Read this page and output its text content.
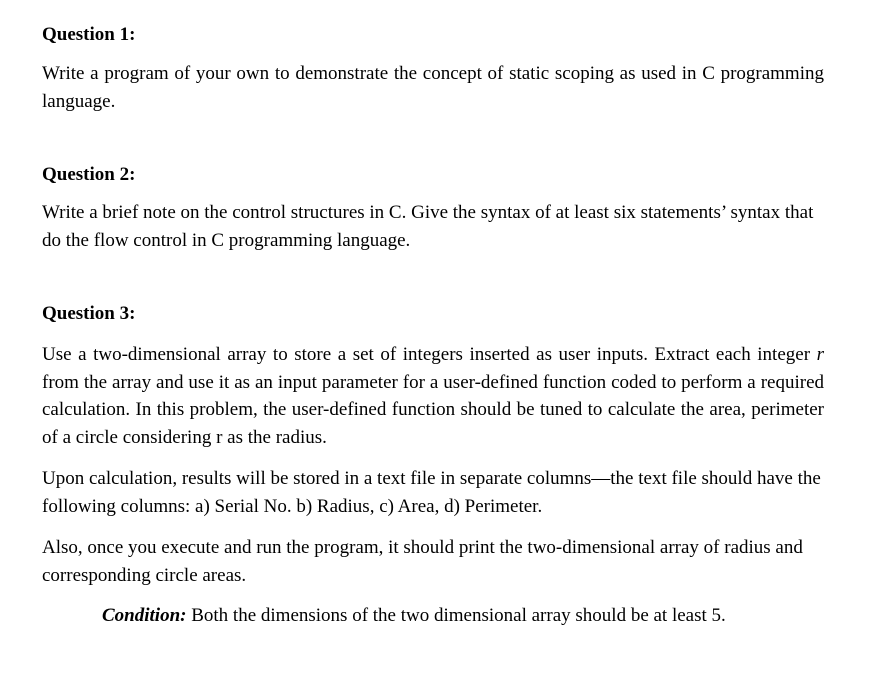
Question 1:
Write a program of your own to demonstrate the concept of static scoping as used in C programming language.
Question 2:
Write a brief note on the control structures in C. Give the syntax of at least six statements’ syntax that do the flow control in C programming language.
Question 3:
Use a two-dimensional array to store a set of integers inserted as user inputs. Extract each integer r from the array and use it as an input parameter for a user-defined function coded to perform a required calculation. In this problem, the user-defined function should be tuned to calculate the area, perimeter of a circle considering r as the radius.
Upon calculation, results will be stored in a text file in separate columns—the text file should have the following columns: a) Serial No. b) Radius, c) Area, d) Perimeter.
Also, once you execute and run the program, it should print the two-dimensional array of radius and corresponding circle areas.
Condition: Both the dimensions of the two dimensional array should be at least 5.
